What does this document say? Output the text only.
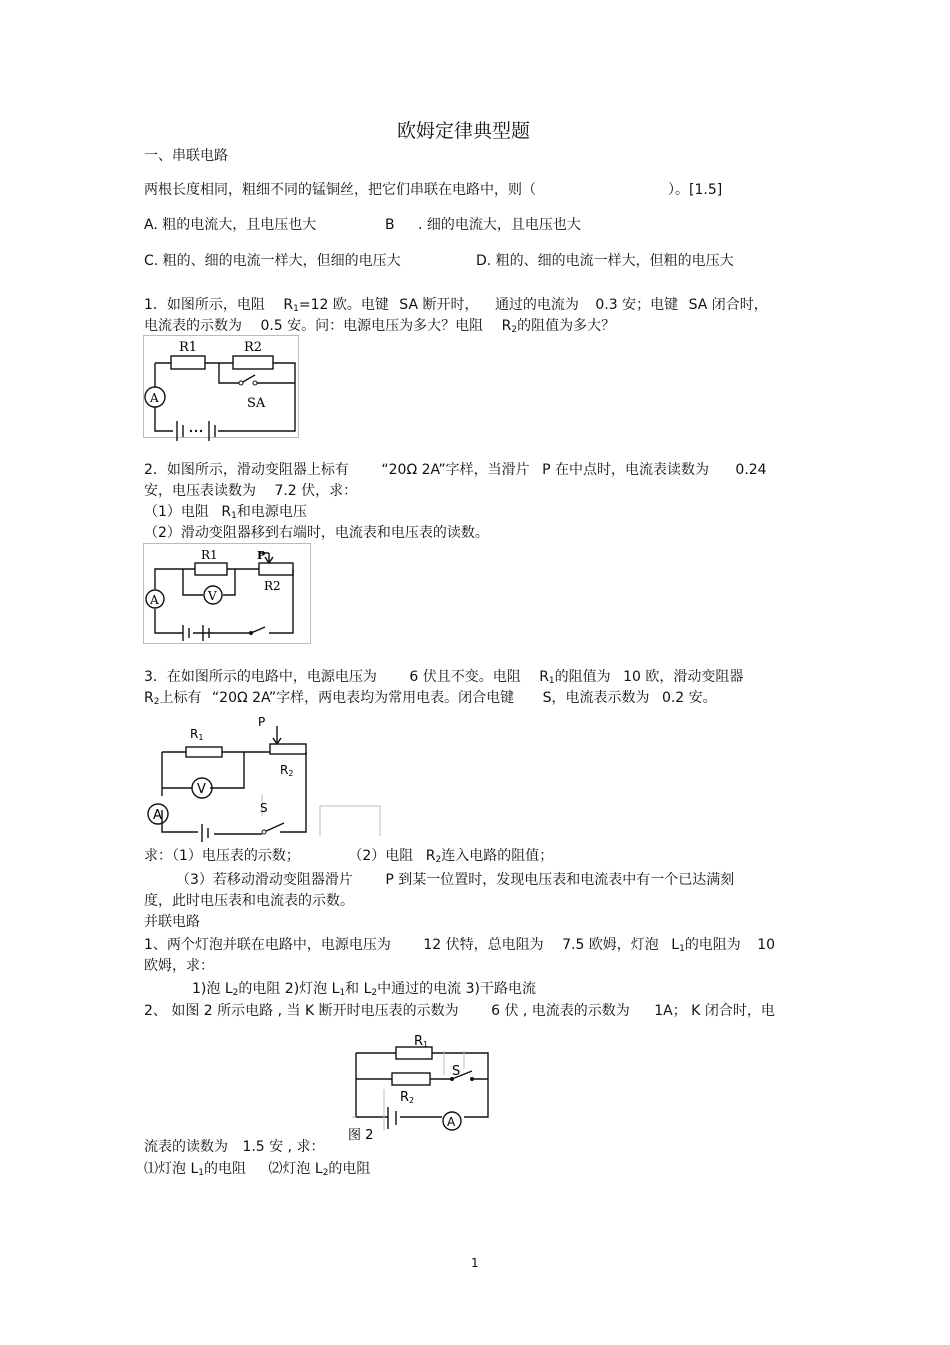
欧姆定律典型题
一、串联电路
两根长度相同，粗细不同的锰铜丝，把它们串联在电路中，则（	）。[1.5]
A. 粗的电流大，且电压也大	B . 细的电流大，且电压也大
C. 粗的、细的电流一样大，但细的电压大	D. 粗的、细的电流一样大，但粗的电压大
1．如图所示，电阻 $R_1=12$ 欧。电键 SA 断开时， 通过的电流为 0.3 安；电键 SA 闭合时，
电流表的示数为 0.5 安。问：电源电压为多大？电阻 $R_2$的阻值为多大？
R1	R2
SA
A
2．如图所示，滑动变阻器上标有 “20Ω 2A”字样，当滑片 P 在中点时，电流表读数为 0.24
安，电压表读数为 7.2 伏，求：
（1）电阻 $R_1$和电源电压
（2）滑动变阻器移到右端时，电流表和电压表的读数。
R1	P
R2
A	V
3．在如图所示的电路中，电源电压为 6 伏且不变。电阻 $R_1$的阻值为 10 欧，滑动变阻器
$R_2$上标有 “20Ω 2A”字样，两电表均为常用电表。闭合电键 S，电流表示数为 0.2 安。
R1
R2
P
V
A	S
求：（1）电压表的示数；	（2）电阻 $R_2$连入电路的阻值；
（3）若移动滑动变阻器滑片 P 到某一位置时，发现电压表和电流表中有一个已达满刻
度，此时电压表和电流表的示数。
并联电路
1、两个灯泡并联在电路中，电源电压为 12 伏特，总电阻为 7.5 欧姆，灯泡 $L_1$的电阻为 10
欧姆，求：
1)泡 $L_2$的电阻 2)灯泡 $L_1$和 $L_2$中通过的电流 3)干路电流
2、 如图 2 所示电路 , 当 K 断开时电压表的示数为 6 伏 , 电流表的示数为 1A； K 闭合时，电
R1
R2
S
A
图 2
流表的读数为 1.5 安 , 求：
⑴灯泡 $L_1$的电阻 ⑵灯泡 $L_2$的电阻
1
